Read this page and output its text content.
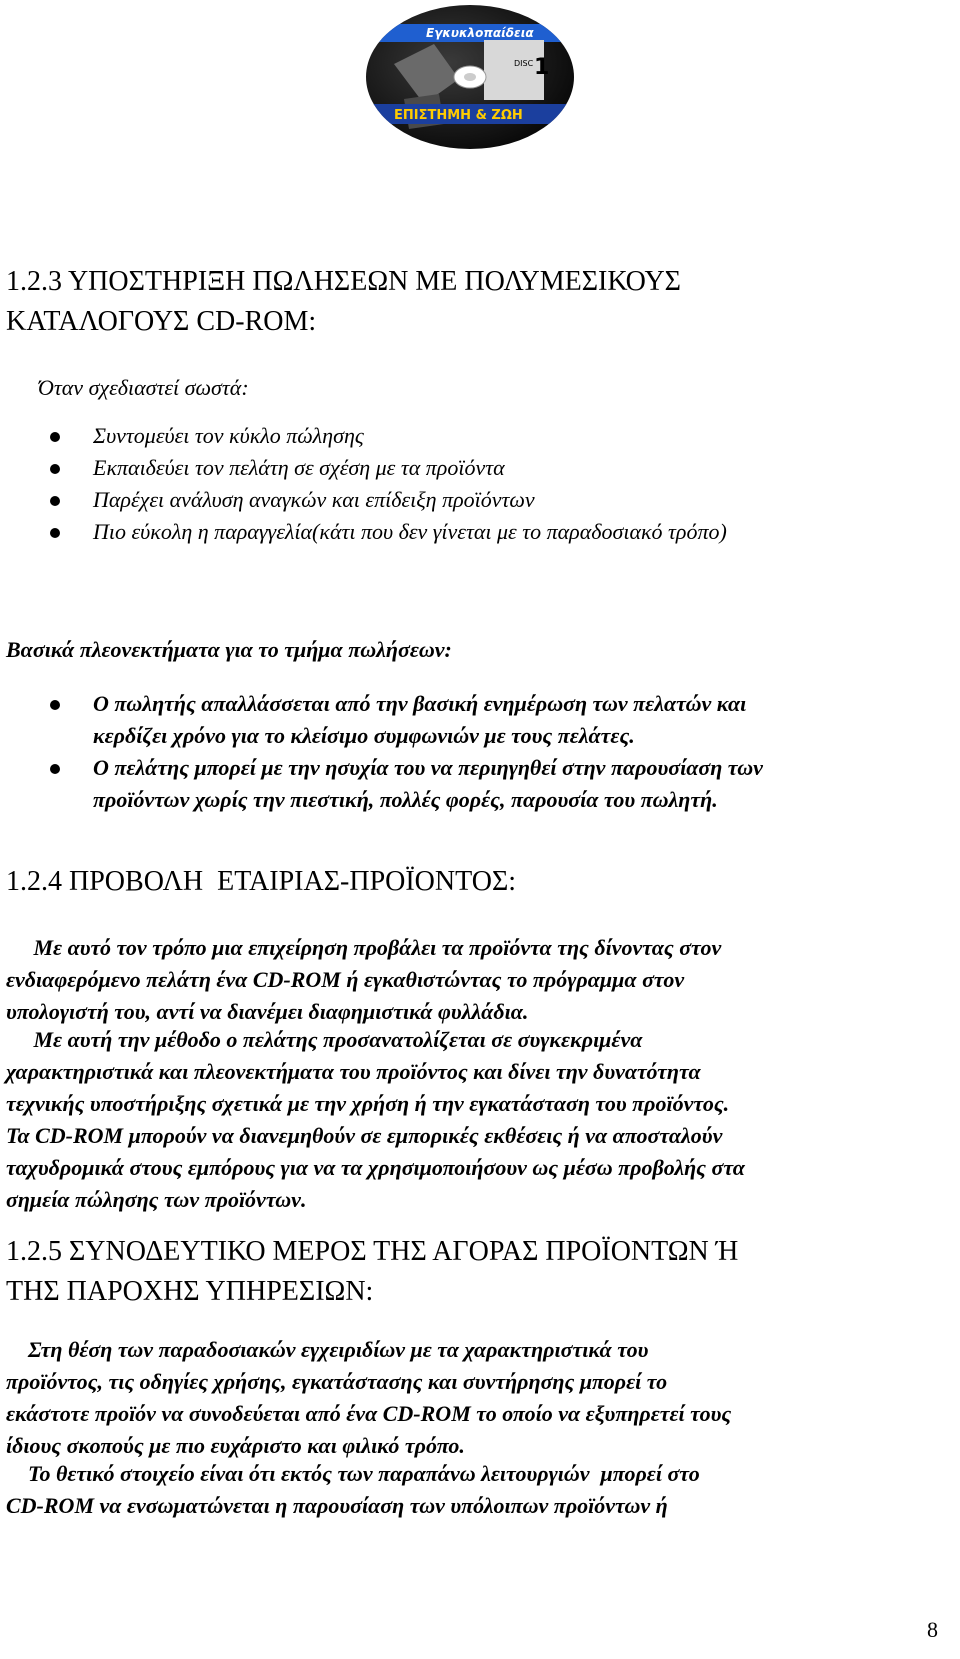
Εγκυκλοπαίδεια
DISC 1
ΕΠΙΣΤΗΜΗ & ΖΩΗ
1.2.3 ΥΠΟΣΤΗΡΙΞΗ ΠΩΛΗΣΕΩΝ ΜΕ ΠΟΛΥΜΕΣΙΚΟΥΣ
ΚΑΤΑΛΟΓΟΥΣ CD-ROM:
Όταν σχεδιαστεί σωστά:
Συντομεύει τον κύκλο πώλησης
Εκπαιδεύει τον πελάτη σε σχέση με τα προϊόντα
Παρέχει ανάλυση αναγκών και επίδειξη προϊόντων
Πιο εύκολη η παραγγελία(κάτι που δεν γίνεται με το παραδοσιακό τρόπο)
Βασικά πλεονεκτήματα για το τμήμα πωλήσεων:
Ο πωλητής απαλλάσσεται από την βασική ενημέρωση των πελατών και
κερδίζει χρόνο για το κλείσιμο συμφωνιών με τους πελάτες.
Ο πελάτης μπορεί με την ησυχία του να περιηγηθεί στην παρουσίαση των
προϊόντων χωρίς την πιεστική, πολλές φορές, παρουσία του πωλητή.
1.2.4 ΠΡΟΒΟΛΗ  ΕΤΑΙΡΙΑΣ-ΠΡΟΪΟΝΤΟΣ:
Με αυτό τον τρόπο μια επιχείρηση προβάλει τα προϊόντα της δίνοντας στον
ενδιαφερόμενο πελάτη ένα CD-ROM ή εγκαθιστώντας το πρόγραμμα στον
υπολογιστή του, αντί να διανέμει διαφημιστικά φυλλάδια.
Με αυτή την μέθοδο ο πελάτης προσανατολίζεται σε συγκεκριμένα
χαρακτηριστικά και πλεονεκτήματα του προϊόντος και δίνει την δυνατότητα
τεχνικής υποστήριξης σχετικά με την χρήση ή την εγκατάσταση του προϊόντος.
Τα CD-ROM μπορούν να διανεμηθούν σε εμπορικές εκθέσεις ή να αποσταλούν
ταχυδρομικά στους εμπόρους για να τα χρησιμοποιήσουν ως μέσω προβολής στα
σημεία πώλησης των προϊόντων.
1.2.5 ΣΥΝΟΔΕΥΤΙΚΟ ΜΕΡΟΣ ΤΗΣ ΑΓΟΡΑΣ ΠΡΟΪΟΝΤΩΝ Ή
ΤΗΣ ΠΑΡΟΧΗΣ ΥΠΗΡΕΣΙΩΝ:
Στη θέση των παραδοσιακών εγχειριδίων με τα χαρακτηριστικά του
προϊόντος, τις οδηγίες χρήσης, εγκατάστασης και συντήρησης μπορεί το
εκάστοτε προϊόν να συνοδεύεται από ένα CD-ROM το οποίο να εξυπηρετεί τους
ίδιους σκοπούς με πιο ευχάριστο και φιλικό τρόπο.
Το θετικό στοιχείο είναι ότι εκτός των παραπάνω λειτουργιών  μπορεί στο
CD-ROM να ενσωματώνεται η παρουσίαση των υπόλοιπων προϊόντων ή
8
